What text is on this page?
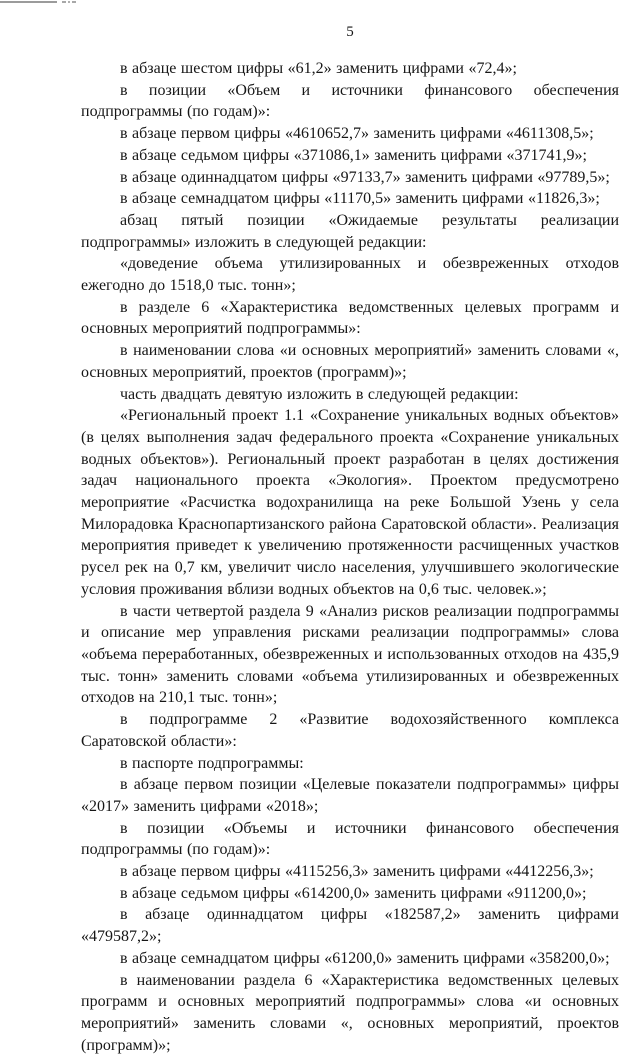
5

в абзаце шестом цифры «61,2» заменить цифрами «72,4»;

в позиции «Объем и источники финансового обеспечения подпрограммы (по годам)»:

в абзаце первом цифры «4610652,7» заменить цифрами «4611308,5»;

в абзаце седьмом цифры «371086,1» заменить цифрами «371741,9»;

в абзаце одиннадцатом цифры «97133,7» заменить цифрами «97789,5»;

в абзаце семнадцатом цифры «11170,5» заменить цифрами «11826,3»;

абзац пятый позиции «Ожидаемые результаты реализации подпрограммы» изложить в следующей редакции:

«доведение объема утилизированных и обезвреженных отходов ежегодно до 1518,0 тыс. тонн»;

в разделе 6 «Характеристика ведомственных целевых программ и основных мероприятий подпрограммы»:

в наименовании слова «и основных мероприятий» заменить словами «, основных мероприятий, проектов (программ)»;

часть двадцать девятую изложить в следующей редакции:

«Региональный проект 1.1 «Сохранение уникальных водных объектов» (в целях выполнения задач федерального проекта «Сохранение уникальных водных объектов»). Региональный проект разработан в целях достижения задач национального проекта «Экология». Проектом предусмотрено мероприятие «Расчистка водохранилища на реке Большой Узень у села Милорадовка Краснопартизанского района Саратовской области». Реализация мероприятия приведет к увеличению протяженности расчищенных участков русел рек на 0,7 км, увеличит число населения, улучшившего экологические условия проживания вблизи водных объектов на 0,6 тыс. человек.»;

в части четвертой раздела 9 «Анализ рисков реализации подпрограммы и описание мер управления рисками реализации подпрограммы» слова «объема переработанных, обезвреженных и использованных отходов на 435,9 тыс. тонн» заменить словами «объема утилизированных и обезвреженных отходов на 210,1 тыс. тонн»;

в подпрограмме 2 «Развитие водохозяйственного комплекса Саратовской области»:

в паспорте подпрограммы:

в абзаце первом позиции «Целевые показатели подпрограммы» цифры «2017» заменить цифрами «2018»;

в позиции «Объемы и источники финансового обеспечения подпрограммы (по годам)»:

в абзаце первом цифры «4115256,3» заменить цифрами «4412256,3»;

в абзаце седьмом цифры «614200,0» заменить цифрами «911200,0»;

в абзаце одиннадцатом цифры «182587,2» заменить цифрами «479587,2»;

в абзаце семнадцатом цифры «61200,0» заменить цифрами «358200,0»;

в наименовании раздела 6 «Характеристика ведомственных целевых программ и основных мероприятий подпрограммы» слова «и основных мероприятий» заменить словами «, основных мероприятий, проектов (программ)»;
